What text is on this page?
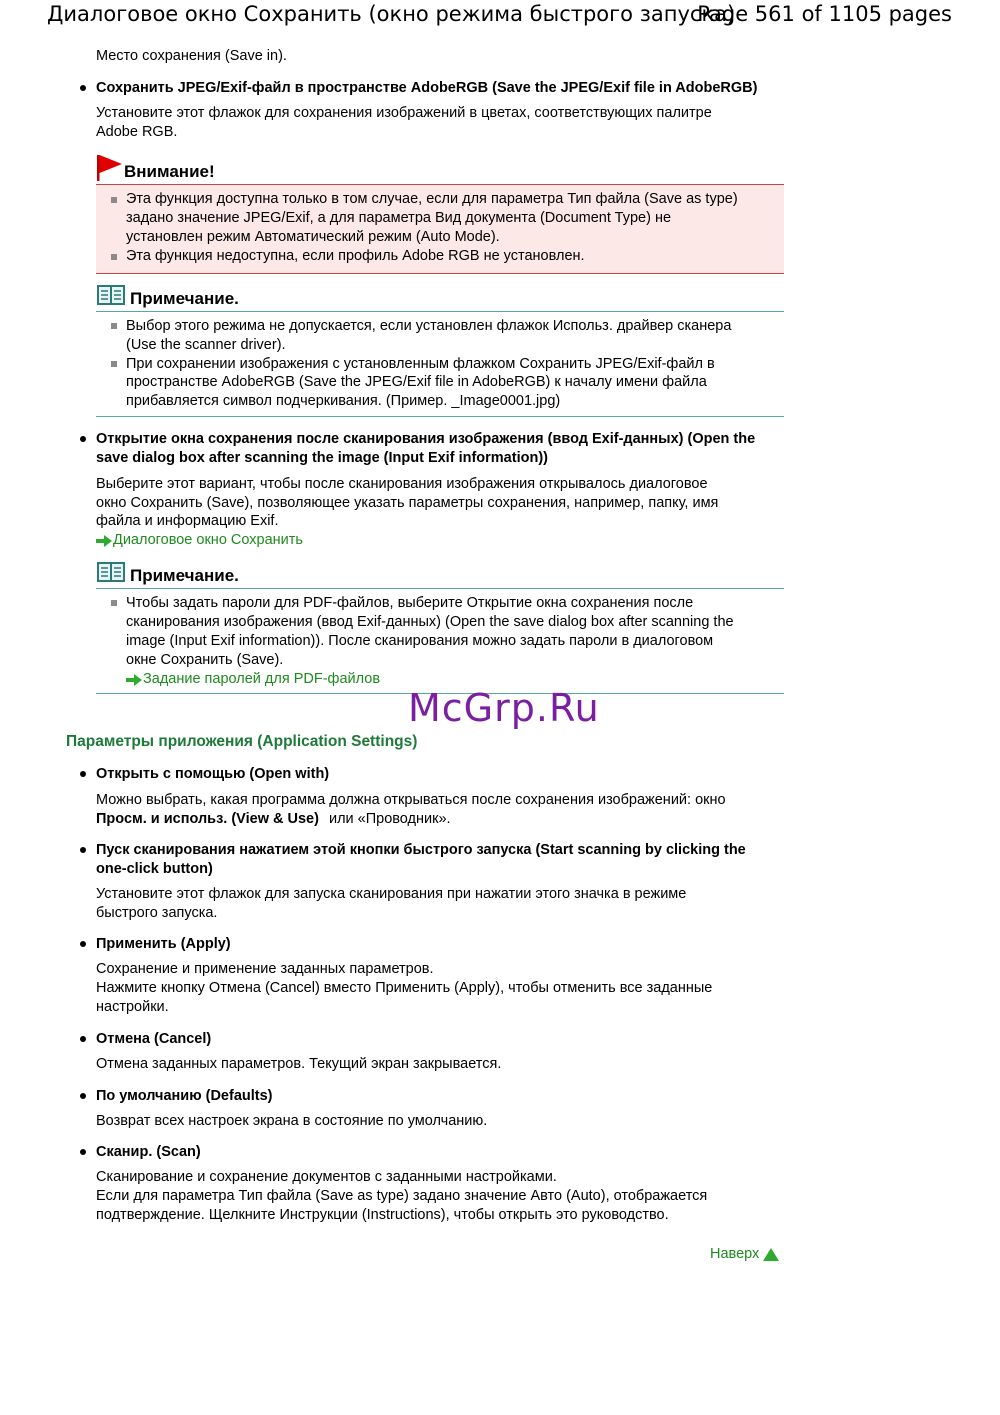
Диалоговое окно Сохранить (окно режима быстрого запуска)
Page 561 of 1105 pages
Место сохранения (Save in).
Сохранить JPEG/Exif-файл в пространстве AdobeRGB (Save the JPEG/Exif file in AdobeRGB)
Установите этот флажок для сохранения изображений в цветах, соответствующих палитре
Adobe RGB.
Внимание!
Эта функция доступна только в том случае, если для параметра Тип файла (Save as type)
задано значение JPEG/Exif, а для параметра Вид документа (Document Type) не
установлен режим Автоматический режим (Auto Mode).
Эта функция недоступна, если профиль Adobe RGB не установлен.
Примечание.
Выбор этого режима не допускается, если установлен флажок Использ. драйвер сканера
(Use the scanner driver).
При сохранении изображения с установленным флажком Сохранить JPEG/Exif-файл в
пространстве AdobeRGB (Save the JPEG/Exif file in AdobeRGB) к началу имени файла
прибавляется символ подчеркивания. (Пример. _Image0001.jpg)
Открытие окна сохранения после сканирования изображения (ввод Exif-данных) (Open the
save dialog box after scanning the image (Input Exif information))
Выберите этот вариант, чтобы после сканирования изображения открывалось диалоговое
окно Сохранить (Save), позволяющее указать параметры сохранения, например, папку, имя
файла и информацию Exif.
Диалоговое окно Сохранить
Примечание.
Чтобы задать пароли для PDF-файлов, выберите Открытие окна сохранения после
сканирования изображения (ввод Exif-данных) (Open the save dialog box after scanning the
image (Input Exif information)). После сканирования можно задать пароли в диалоговом
окне Сохранить (Save).
Задание паролей для PDF-файлов
McGrp.Ru
Параметры приложения (Application Settings)
Открыть с помощью (Open with)
Можно выбрать, какая программа должна открываться после сохранения изображений: окно
Просм. и использ. (View & Use) или «Проводник».
Пуск сканирования нажатием этой кнопки быстрого запуска (Start scanning by clicking the
one-click button)
Установите этот флажок для запуска сканирования при нажатии этого значка в режиме
быстрого запуска.
Применить (Apply)
Сохранение и применение заданных параметров.
Нажмите кнопку Отмена (Cancel) вместо Применить (Apply), чтобы отменить все заданные
настройки.
Отмена (Cancel)
Отмена заданных параметров. Текущий экран закрывается.
По умолчанию (Defaults)
Возврат всех настроек экрана в состояние по умолчанию.
Сканир. (Scan)
Сканирование и сохранение документов с заданными настройками.
Если для параметра Тип файла (Save as type) задано значение Авто (Auto), отображается
подтверждение. Щелкните Инструкции (Instructions), чтобы открыть это руководство.
Наверх
